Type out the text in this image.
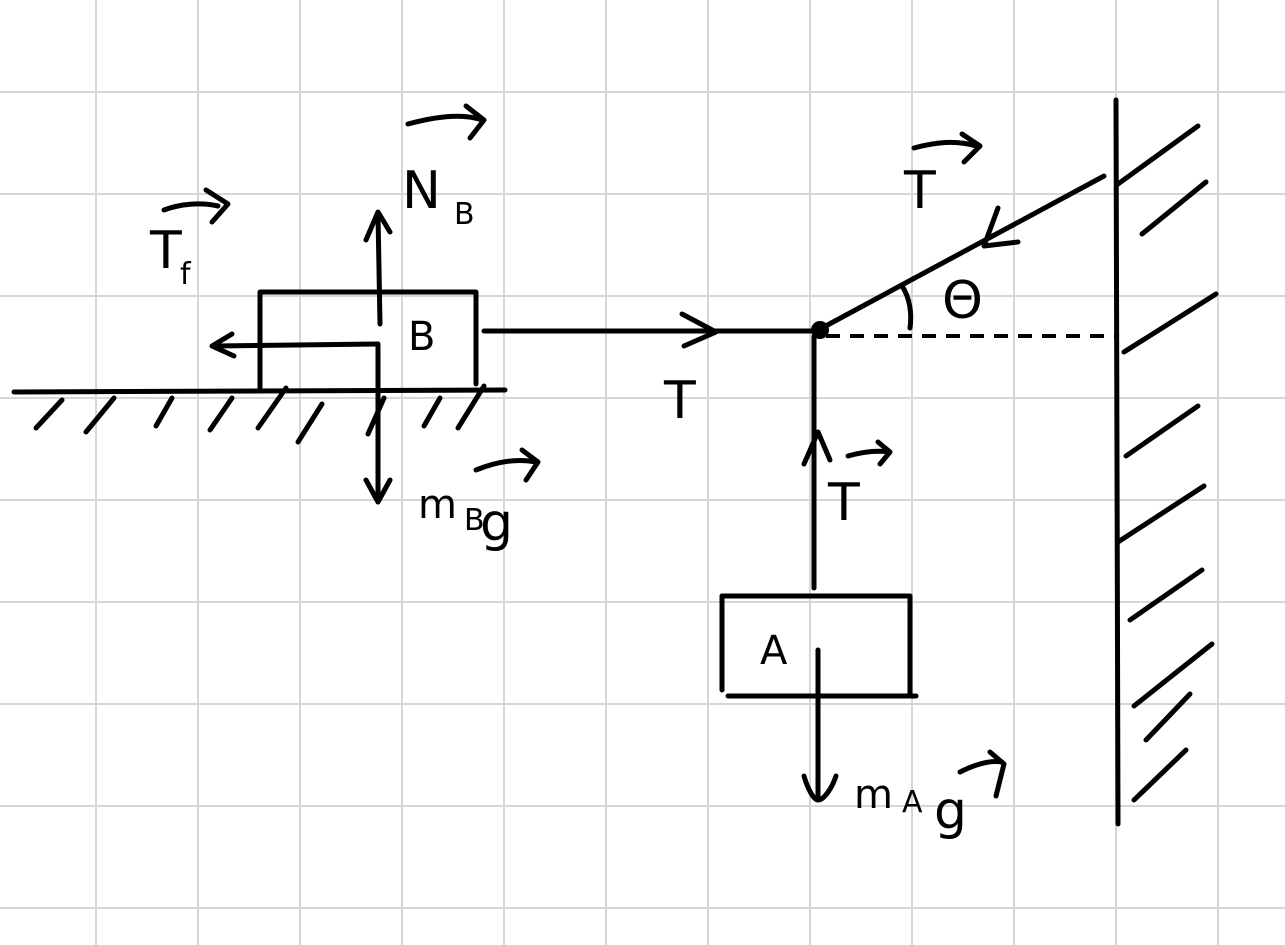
B
N B
T
f
m B
g
T
T
Θ
T
A
m A g
